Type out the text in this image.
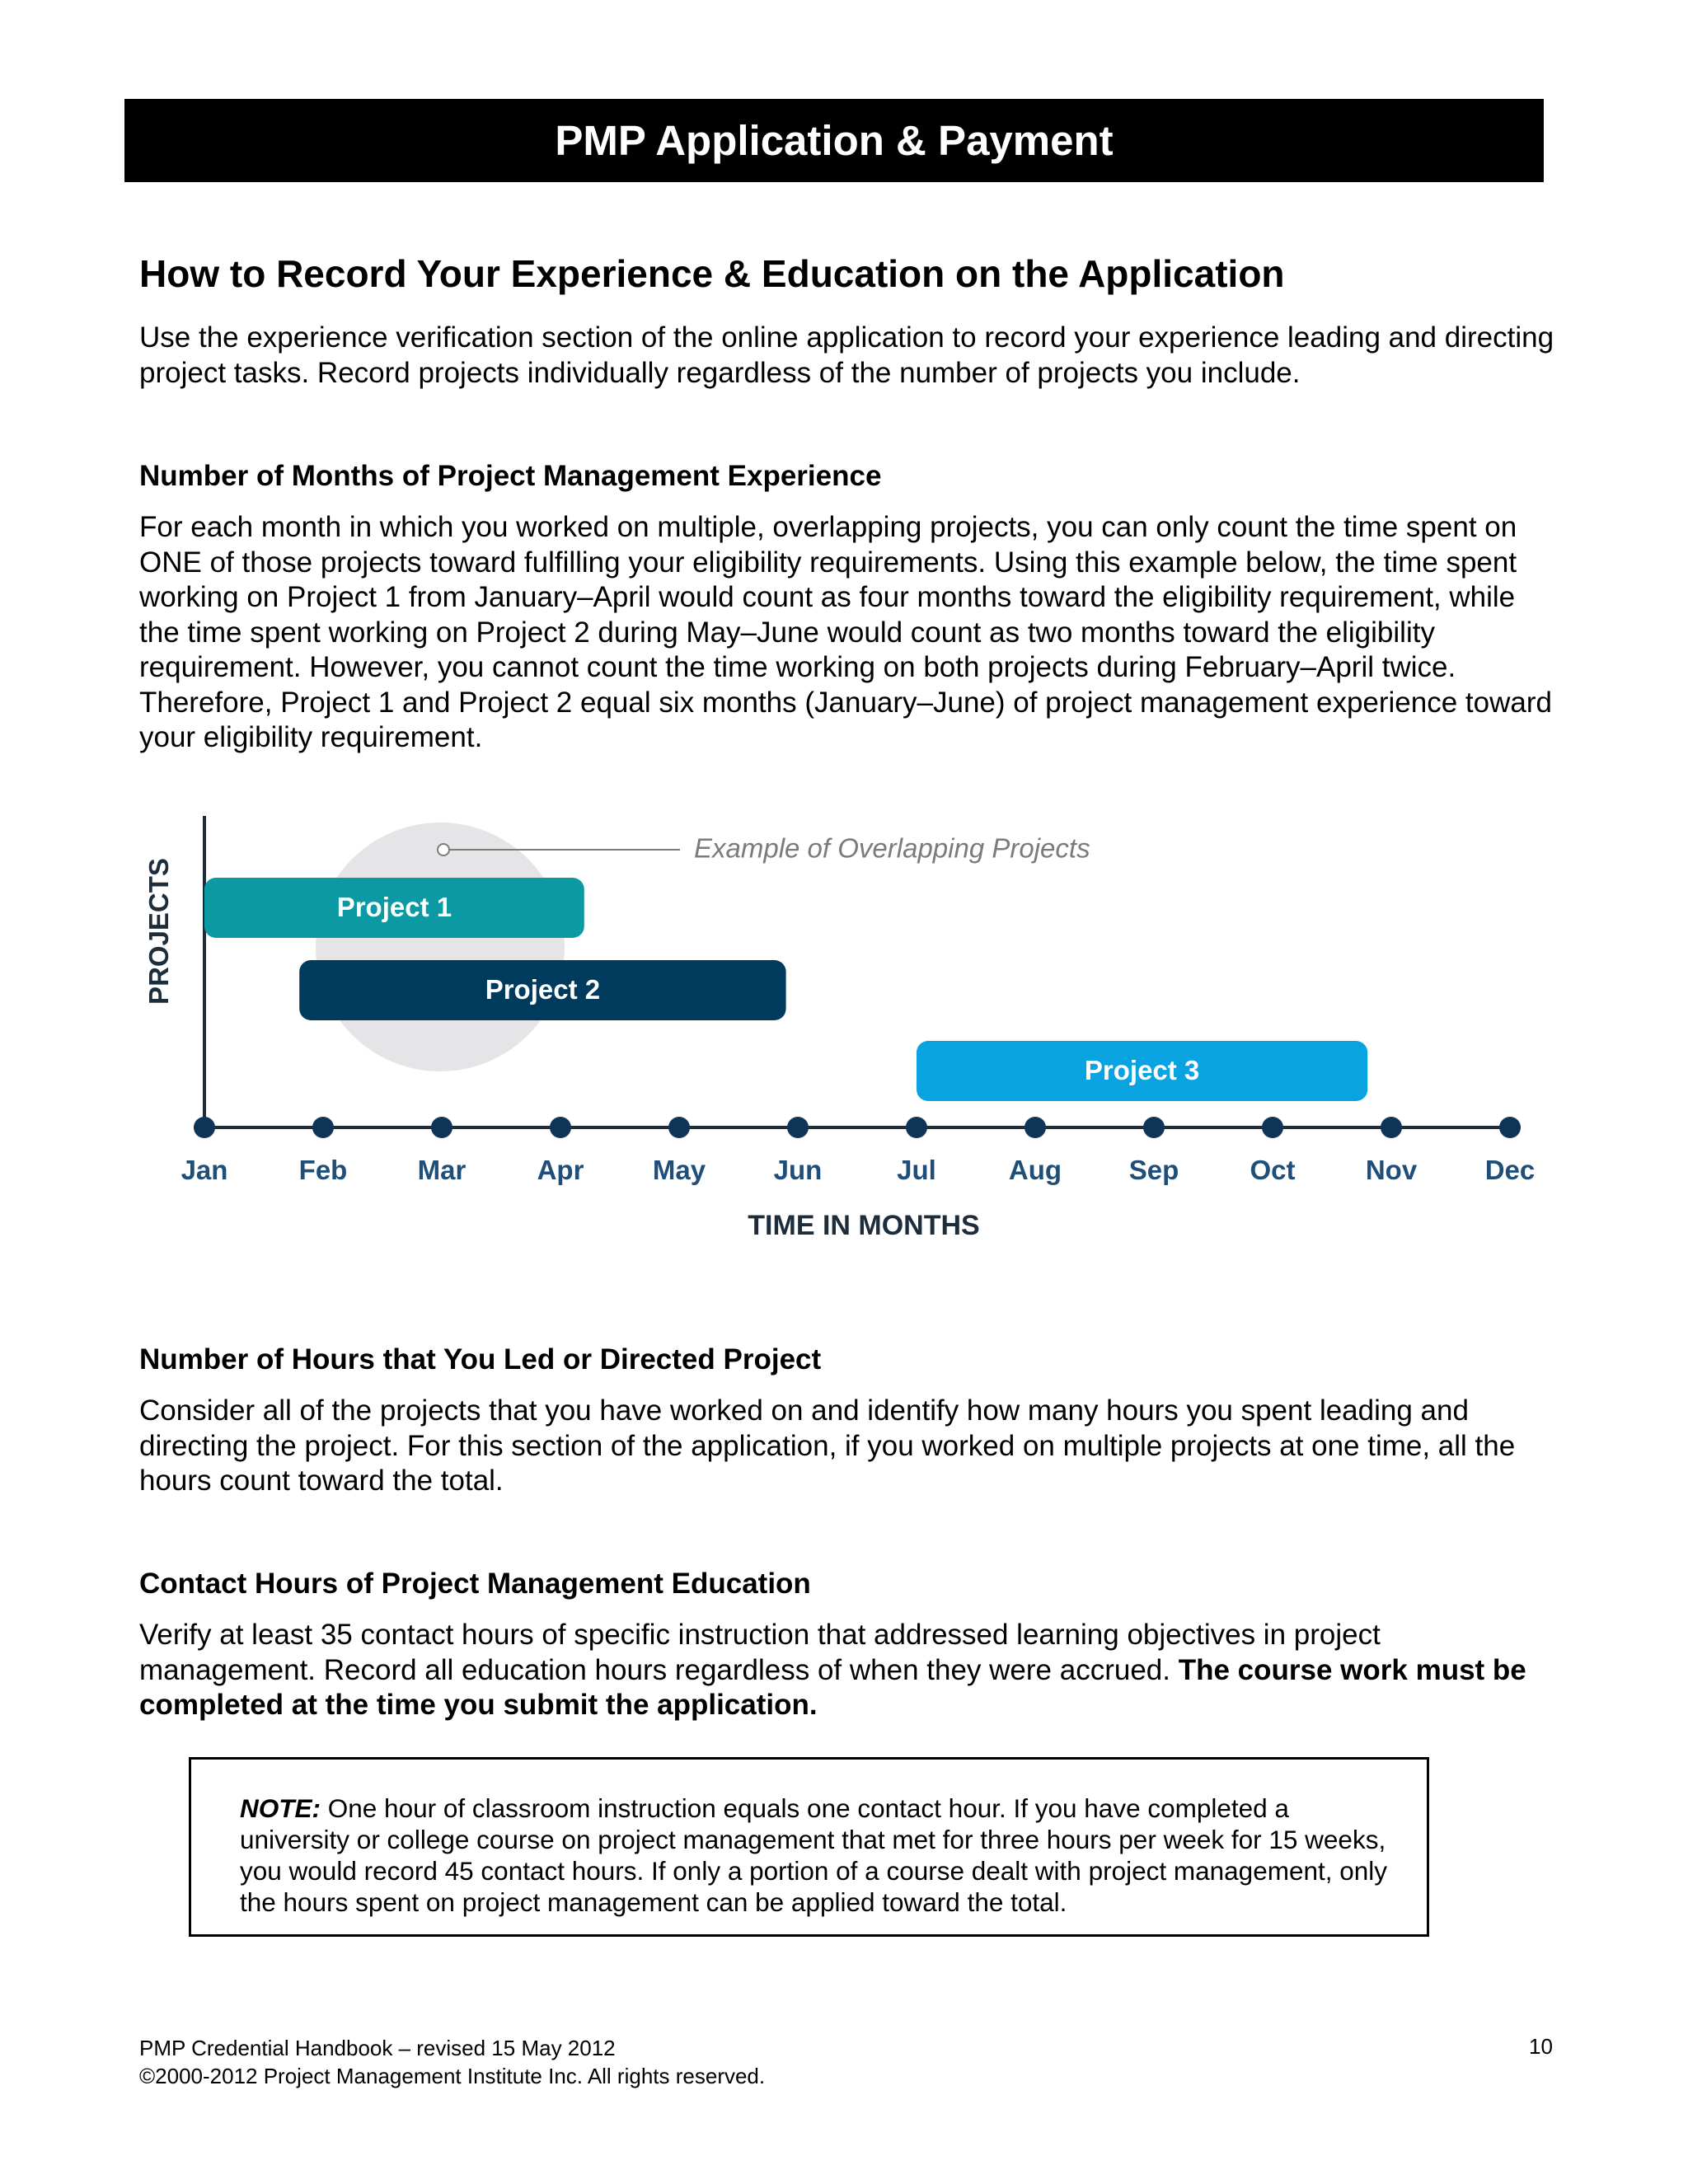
PMP Application & Payment
How to Record Your Experience & Education on the Application
Use the experience verification section of the online application to record your experience leading and directing project tasks. Record projects individually regardless of the number of projects you include.
Number of Months of Project Management Experience
For each month in which you worked on multiple, overlapping projects, you can only count the time spent on ONE of those projects toward fulfilling your eligibility requirements. Using this example below, the time spent working on Project 1 from January–April would count as four months toward the eligibility requirement, while the time spent working on Project 2 during May–June would count as two months toward the eligibility requirement. However, you cannot count the time working on both projects during February–April twice. Therefore, Project 1 and Project 2 equal six months (January–June) of project management experience toward your eligibility requirement.
Example of Overlapping Projects
PROJECTS	Project 1
Project 2
Project 3
Jan	Feb	Mar	Apr	May	Jun	Jul	Aug Sep	Oct	Nov	Dec
TIME IN MONTHS
Number of Hours that You Led or Directed Project
Consider all of the projects that you have worked on and identify how many hours you spent leading and directing the project. For this section of the application, if you worked on multiple projects at one time, all the hours count toward the total.
Contact Hours of Project Management Education
Verify at least 35 contact hours of specific instruction that addressed learning objectives in project management. Record all education hours regardless of when they were accrued. The course work must be completed at the time you submit the application.
NOTE: One hour of classroom instruction equals one contact hour. If you have completed a university or college course on project management that met for three hours per week for 15 weeks, you would record 45 contact hours. If only a portion of a course dealt with project management, only the hours spent on project management can be applied toward the total.
PMP Credential Handbook – revised 15 May 2012
©2000-2012 Project Management Institute Inc. All rights reserved.
10
